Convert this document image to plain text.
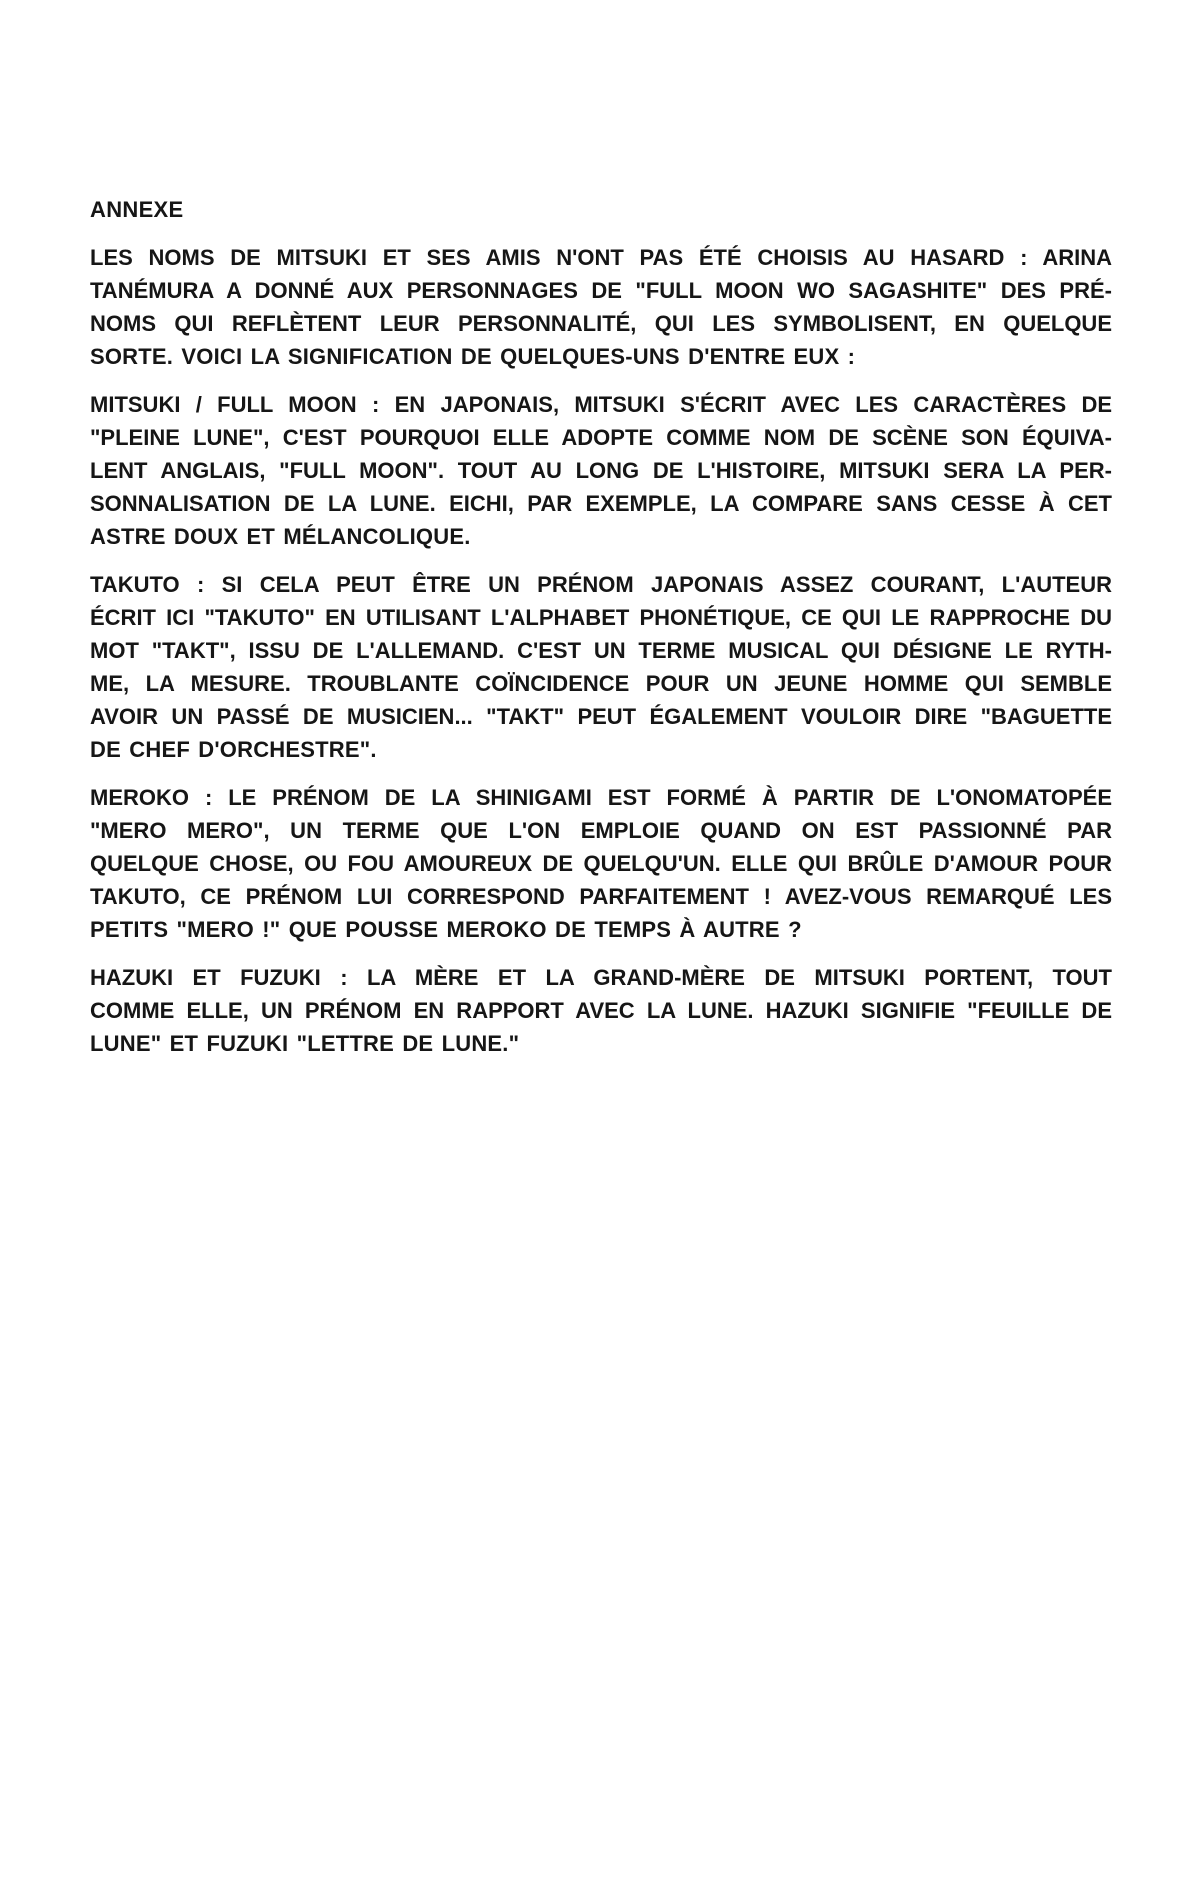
ANNEXE
LES NOMS DE MITSUKI ET SES AMIS N'ONT PAS ÉTÉ CHOISIS AU HASARD : ARINA
TANÉMURA A DONNÉ AUX PERSONNAGES DE "FULL MOON WO SAGASHITE" DES PRÉ-
NOMS QUI REFLÈTENT LEUR PERSONNALITÉ, QUI LES SYMBOLISENT, EN QUELQUE
SORTE. VOICI LA SIGNIFICATION DE QUELQUES-UNS D'ENTRE EUX :
MITSUKI / FULL MOON : EN JAPONAIS, MITSUKI S'ÉCRIT AVEC LES CARACTÈRES DE
"PLEINE LUNE", C'EST POURQUOI ELLE ADOPTE COMME NOM DE SCÈNE SON ÉQUIVA-
LENT ANGLAIS, "FULL MOON". TOUT AU LONG DE L'HISTOIRE, MITSUKI SERA LA PER-
SONNALISATION DE LA LUNE. EICHI, PAR EXEMPLE, LA COMPARE SANS CESSE À CET
ASTRE DOUX ET MÉLANCOLIQUE.
TAKUTO : SI CELA PEUT ÊTRE UN PRÉNOM JAPONAIS ASSEZ COURANT, L'AUTEUR
ÉCRIT ICI "TAKUTO" EN UTILISANT L'ALPHABET PHONÉTIQUE, CE QUI LE RAPPROCHE DU
MOT "TAKT", ISSU DE L'ALLEMAND. C'EST UN TERME MUSICAL QUI DÉSIGNE LE RYTH-
ME, LA MESURE. TROUBLANTE COÏNCIDENCE POUR UN JEUNE HOMME QUI SEMBLE
AVOIR UN PASSÉ DE MUSICIEN... "TAKT" PEUT ÉGALEMENT VOULOIR DIRE "BAGUETTE
DE CHEF D'ORCHESTRE".
MEROKO : LE PRÉNOM DE LA SHINIGAMI EST FORMÉ À PARTIR DE L'ONOMATOPÉE
"MERO MERO", UN TERME QUE L'ON EMPLOIE QUAND ON EST PASSIONNÉ PAR
QUELQUE CHOSE, OU FOU AMOUREUX DE QUELQU'UN. ELLE QUI BRÛLE D'AMOUR POUR
TAKUTO, CE PRÉNOM LUI CORRESPOND PARFAITEMENT ! AVEZ-VOUS REMARQUÉ LES
PETITS "MERO !" QUE POUSSE MEROKO DE TEMPS À AUTRE ?
HAZUKI ET FUZUKI : LA MÈRE ET LA GRAND-MÈRE DE MITSUKI PORTENT, TOUT
COMME ELLE, UN PRÉNOM EN RAPPORT AVEC LA LUNE. HAZUKI SIGNIFIE "FEUILLE DE
LUNE" ET FUZUKI "LETTRE DE LUNE."
